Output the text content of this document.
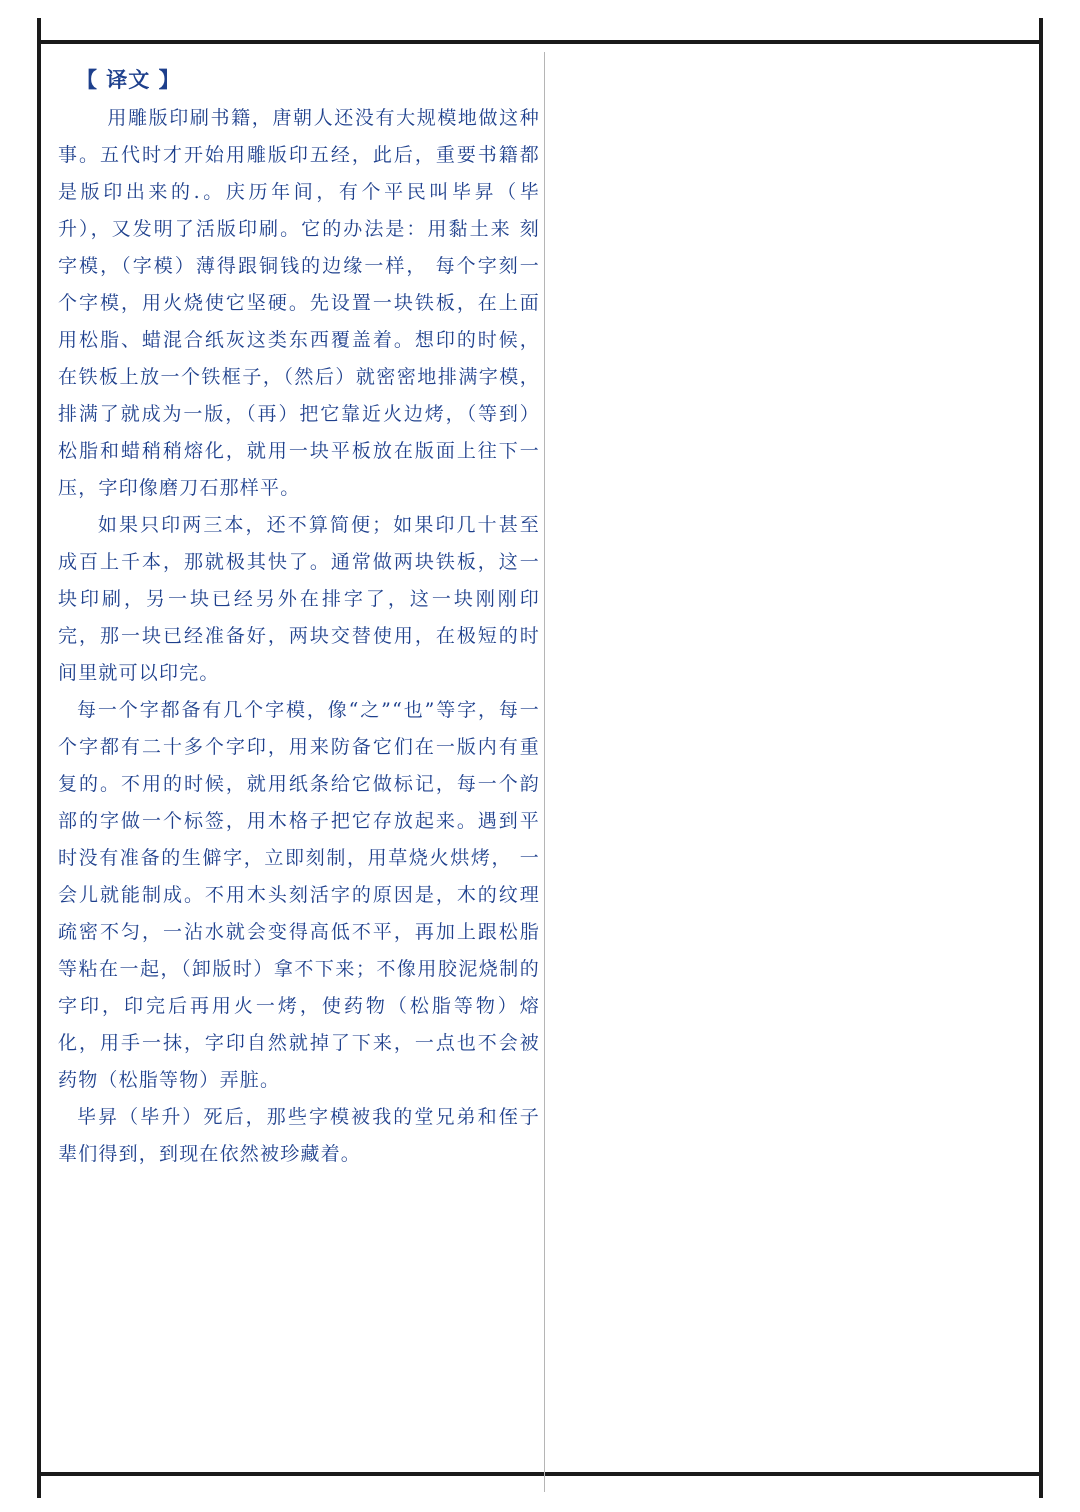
【 译文 】

用雕版印刷书籍，唐朝人还没有大规模地做这种事。五代时才开始用雕版印五经，此后，重要书籍都是版印出来的.。庆历年间，有个平民叫毕昇（毕升），又发明了活版印刷。它的办法是：用黏土来 刻字模，（字模）薄得跟铜钱的边缘一样， 每个字刻一个字模，用火烧使它坚硬。先设置一块铁板，在上面用松脂、蜡混合纸灰这类东西覆盖着。想印的时候，在铁板上放一个铁框子，（然后）就密密地排满字模，排满了就成为一版，（再）把它靠近火边烤，（等到）松脂和蜡稍稍熔化，就用一块平板放在版面上往下一压，字印像磨刀石那样平。

如果只印两三本，还不算简便；如果印几十甚至成百上千本，那就极其快了。通常做两块铁板，这一块印刷，另一块已经另外在排字了，这一块刚刚印完，那一块已经准备好，两块交替使用，在极短的时间里就可以印完。

每一个字都备有几个字模，像“之”“也”等字，每一个字都有二十多个字印，用来防备它们在一版内有重复的。不用的时候，就用纸条给它做标记，每一个韵部的字做一个标签，用木格子把它存放起来。遇到平时没有准备的生僻字，立即刻制，用草烧火烘烤， 一会儿就能制成。不用木头刻活字的原因是，木的纹理疏密不匀，一沾水就会变得高低不平，再加上跟松脂等粘在一起，（卸版时）拿不下来；不像用胶泥烧制的字印，印完后再用火一烤，使药物（松脂等物）熔化，用手一抹，字印自然就掉了下来，一点也不会被药物（松脂等物）弄脏。

毕昇（毕升）死后，那些字模被我的堂兄弟和侄子辈们得到，到现在依然被珍藏着。
